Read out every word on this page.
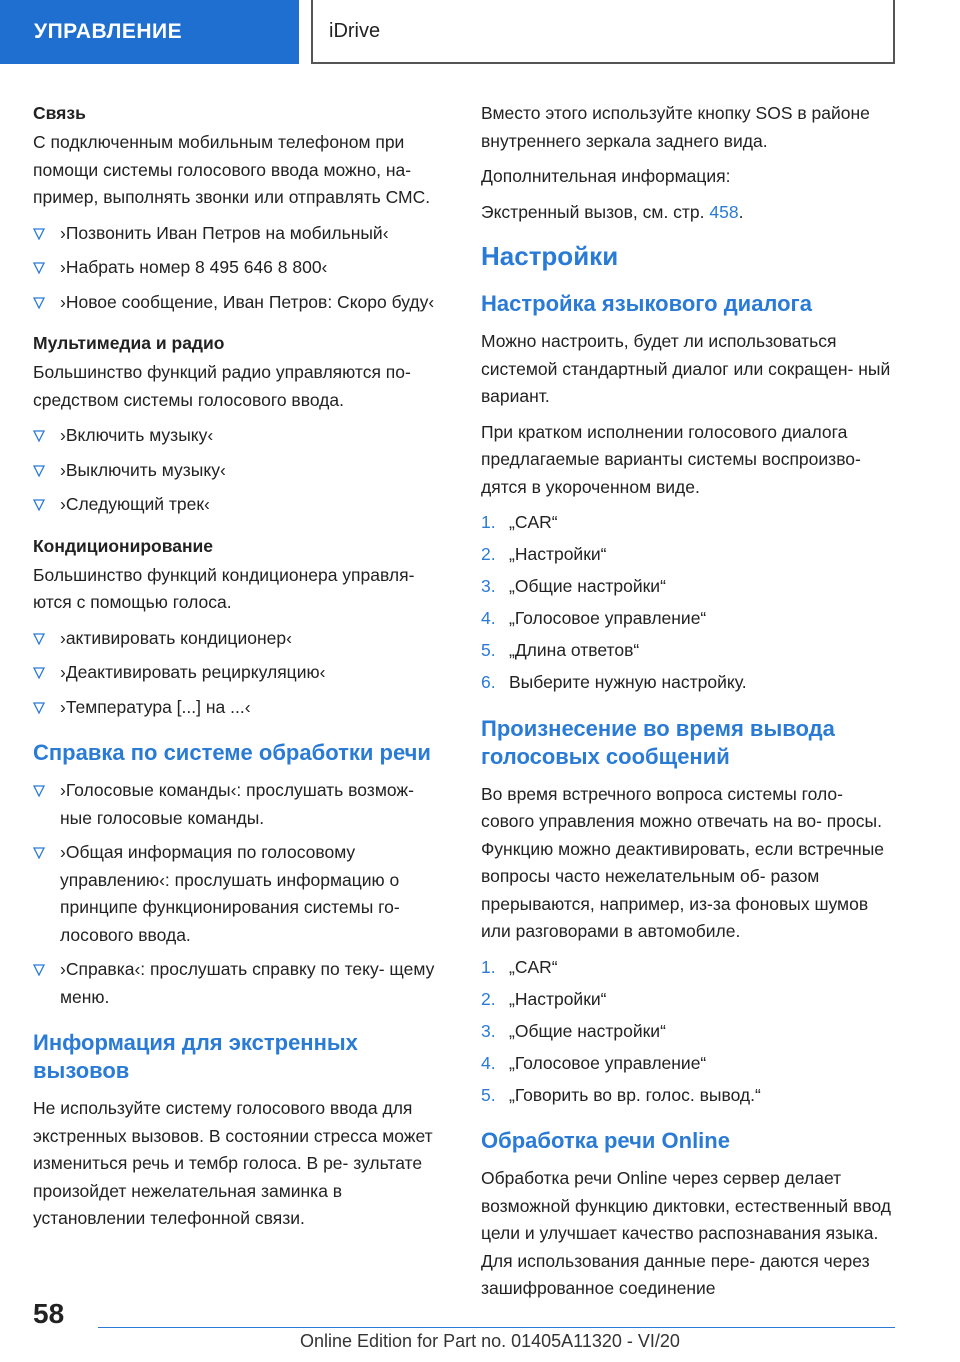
УПРАВЛЕНИЕ	iDrive
Связь

С подключенным мобильным телефоном при помощи системы голосового ввода можно, на- пример, выполнять звонки или отправлять СМС.

›Позвонить Иван Петров на мобильный‹
›Набрать номер 8 495 646 8 800‹
›Новое сообщение, Иван Петров: Скоро буду‹
Мультимедиа и радио

Большинство функций радио управляются по- средством системы голосового ввода.

›Включить музыку‹
›Выключить музыку‹
›Следующий трек‹
Кондиционирование

Большинство функций кондиционера управля- ются с помощью голоса.

›активировать кондиционер‹
›Деактивировать рециркуляцию‹
›Температура [...] на ...‹
Справка по системе обработки речи
›Голосовые команды‹: прослушать возмож- ные голосовые команды.
›Общая информация по голосовому управлению‹: прослушать информацию о принципе функционирования системы го- лосового ввода.
›Справка‹: прослушать справку по теку- щему меню.
Информация для экстренных вызовов

Не используйте систему голосового ввода для экстренных вызовов. В состоянии стресса может измениться речь и тембр голоса. В ре- зультате произойдет нежелательная заминка в установлении телефонной связи.

Вместо этого используйте кнопку SOS в районе внутреннего зеркала заднего вида.

Дополнительная информация:

Экстренный вызов, см. стр. 458.

Настройки
Настройка языкового диалога

Можно настроить, будет ли использоваться системой стандартный диалог или сокращен- ный вариант.

При кратком исполнении голосового диалога предлагаемые варианты системы воспроизво- дятся в укороченном виде.

1. „CAR“
2. „Настройки“
3. „Общие настройки“
4. „Голосовое управление“
5. „Длина ответов“
6. Выберите нужную настройку.
Произнесение во время вывода голосовых сообщений

Во время встречного вопроса системы голо- сового управления можно отвечать на во- просы. Функцию можно деактивировать, если встречные вопросы часто нежелательным об- разом прерываются, например, из-за фоновых шумов или разговорами в автомобиле.

1. „CAR“
2. „Настройки“
3. „Общие настройки“
4. „Голосовое управление“
5. „Говорить во вр. голос. вывод.“
Обработка речи Online

Обработка речи Online через сервер делает возможной функцию диктовки, естественный ввод цели и улучшает качество распознавания языка. Для использования данные пере- даются через зашифрованное соединение

58
Online Edition for Part no. 01405A11320 - VI/20
